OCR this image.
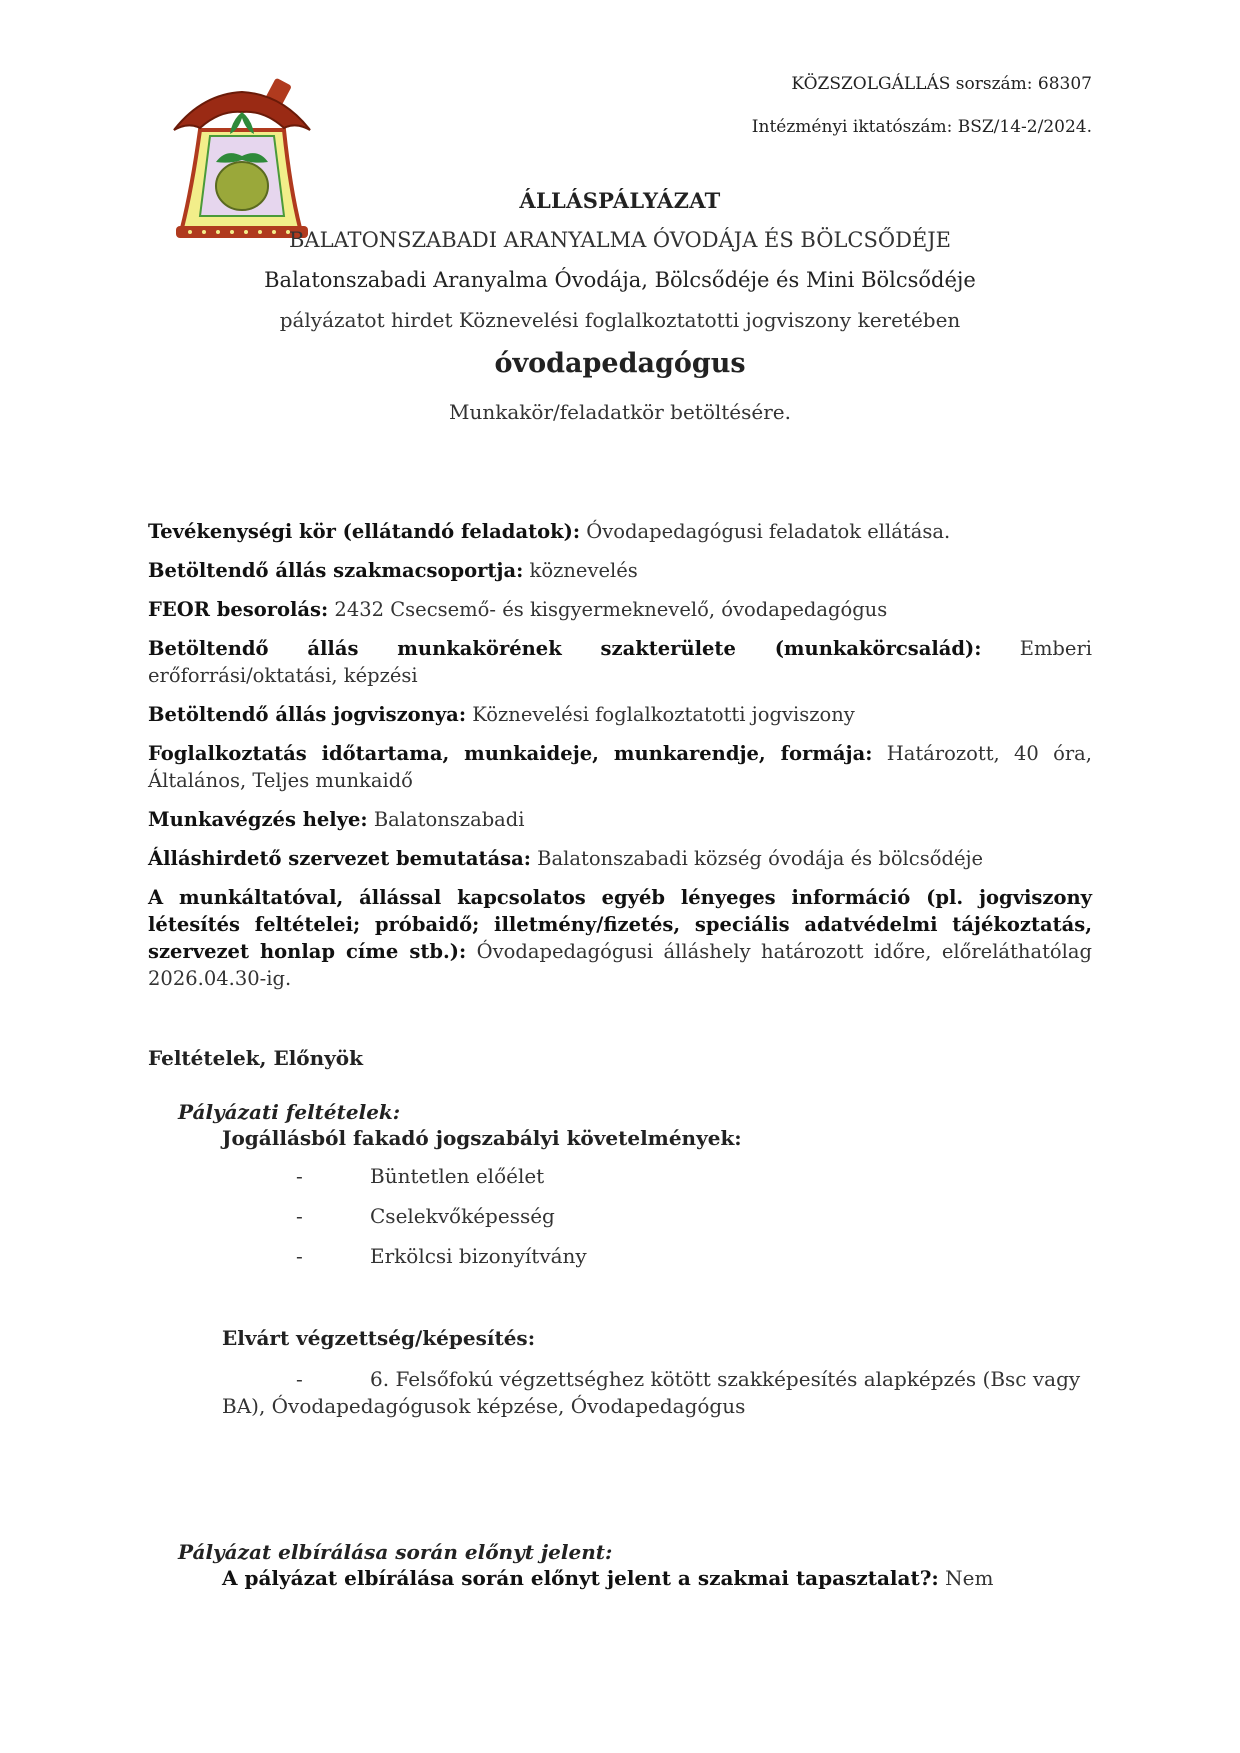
KÖZSZOLGÁLLÁS sorszám: 68307
Intézményi iktatószám: BSZ/14-2/2024.
ÁLLÁSPÁLYÁZAT
BALATONSZABADI ARANYALMA ÓVODÁJA ÉS BÖLCSŐDÉJE
Balatonszabadi Aranyalma Óvodája, Bölcsődéje és Mini Bölcsődéje
pályázatot hirdet Köznevelési foglalkoztatotti jogviszony keretében
óvodapedagógus
Munkakör/feladatkör betöltésére.
Tevékenységi kör (ellátandó feladatok): Óvodapedagógusi feladatok ellátása.
Betöltendő állás szakmacsoportja: köznevelés
FEOR besorolás: 2432 Csecsemő- és kisgyermeknevelő, óvodapedagógus
Betöltendő állás munkakörének szakterülete (munkakörcsalád): Emberi erőforrási/oktatási, képzési
Betöltendő állás jogviszonya: Köznevelési foglalkoztatotti jogviszony
Foglalkoztatás időtartama, munkaideje, munkarendje, formája: Határozott, 40 óra, Általános, Teljes munkaidő
Munkavégzés helye: Balatonszabadi
Álláshirdető szervezet bemutatása: Balatonszabadi község óvodája és bölcsődéje
A munkáltatóval, állással kapcsolatos egyéb lényeges információ (pl. jogviszony létesítés feltételei; próbaidő; illetmény/fizetés, speciális adatvédelmi tájékoztatás, szervezet honlap címe stb.): Óvodapedagógusi álláshely határozott időre, előreláthatólag 2026.04.30-ig.
Feltételek, Előnyök
Pályázati feltételek:
Jogállásból fakadó jogszabályi követelmények:
-	Büntetlen előélet
-	Cselekvőképesség
-	Erkölcsi bizonyítvány
Elvárt végzettség/képesítés:
-	6. Felsőfokú végzettséghez kötött szakképesítés alapképzés (Bsc vagy BA), Óvodapedagógusok képzése, Óvodapedagógus
Pályázat elbírálása során előnyt jelent:
A pályázat elbírálása során előnyt jelent a szakmai tapasztalat?: Nem
